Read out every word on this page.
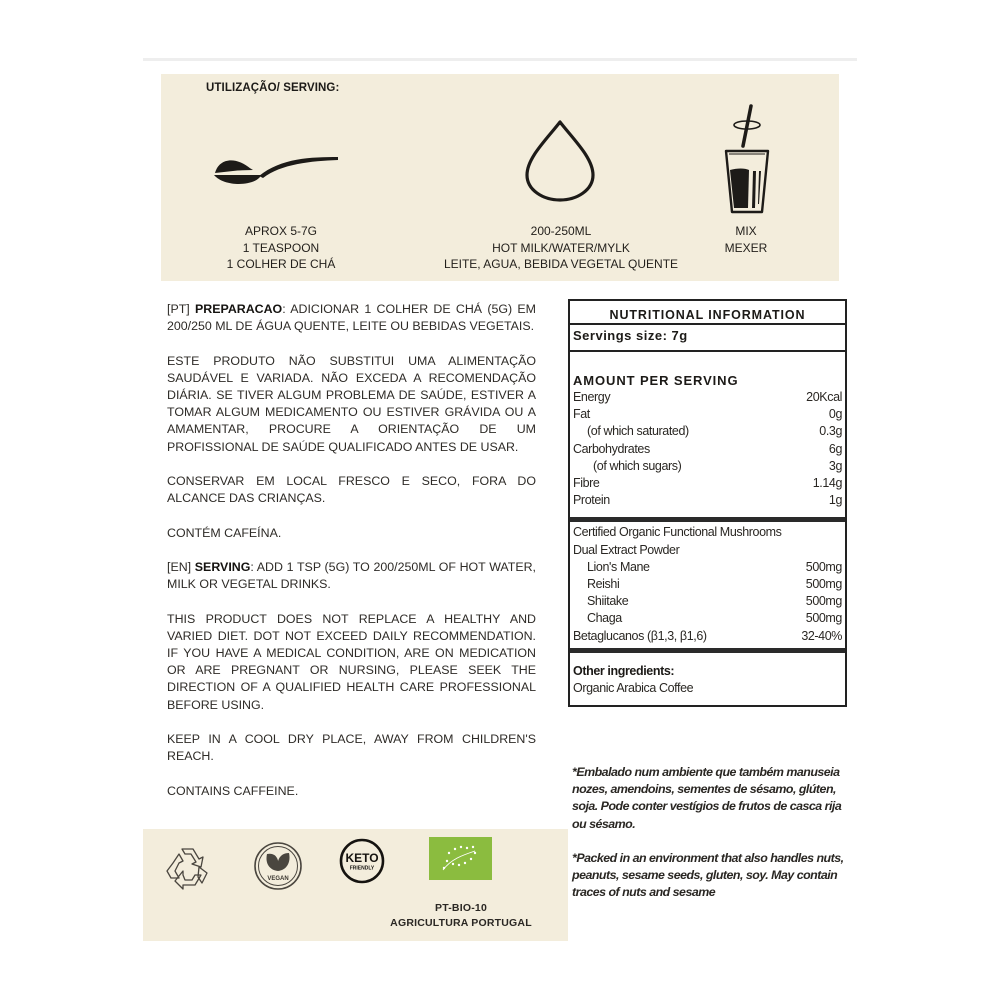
UTILIZAÇÃO/ SERVING:
APROX 5-7G
1 TEASPOON
1 COLHER DE CHÁ
200-250ML
HOT MILK/WATER/MYLK
LEITE, AGUA, BEBIDA VEGETAL QUENTE
MIX
MEXER

[PT] PREPARACAO: ADICIONAR 1 COLHER DE CHÁ (5G) EM 200/250 ML DE ÁGUA QUENTE, LEITE OU BEBIDAS VEGETAIS.

ESTE PRODUTO NÃO SUBSTITUI UMA ALIMENTAÇÃO SAUDÁVEL E VARIADA. NÃO EXCEDA A RECOMENDAÇÃO DIÁRIA. SE TIVER ALGUM PROBLEMA DE SAÚDE, ESTIVER A TOMAR ALGUM MEDICAMENTO OU ESTIVER GRÁVIDA OU A AMAMENTAR, PROCURE A ORIENTAÇÃO DE UM PROFISSIONAL DE SAÚDE QUALIFICADO ANTES DE USAR.

CONSERVAR EM LOCAL FRESCO E SECO, FORA DO ALCANCE DAS CRIANÇAS.

CONTÉM CAFEÍNA.

[EN] SERVING: ADD 1 TSP (5G) TO 200/250ML OF HOT WATER, MILK OR VEGETAL DRINKS.

THIS PRODUCT DOES NOT REPLACE A HEALTHY AND VARIED DIET. DOT NOT EXCEED DAILY RECOMMENDATION. IF YOU HAVE A MEDICAL CONDITION, ARE ON MEDICATION OR ARE PREGNANT OR NURSING, PLEASE SEEK THE DIRECTION OF A QUALIFIED HEALTH CARE PROFESSIONAL BEFORE USING.

KEEP IN A COOL DRY PLACE, AWAY FROM CHILDREN'S REACH.

CONTAINS CAFFEINE.

NUTRITIONAL INFORMATION
Servings size: 7g
AMOUNT PER SERVING
Energy	20Kcal
Fat	0g
(of which saturated)	0.3g
Carbohydrates	6g
(of which sugars)	3g
Fibre	1.14g
Protein	1g
Certified Organic Functional Mushrooms
Dual Extract Powder
Lion's Mane	500mg
Reishi	500mg
Shiitake	500mg
Chaga	500mg
Betaglucanos (β1,3, β1,6)	32-40%
Other ingredients:
Organic Arabica Coffee

*Embalado num ambiente que também manuseia nozes, amendoins, sementes de sésamo, glúten, soja. Pode conter vestígios de frutos de casca rija ou sésamo.

*Packed in an environment that also handles nuts, peanuts, sesame seeds, gluten, soy. May contain traces of nuts and sesame

VEGAN
KETO
FRIENDLY
PT-BIO-10
AGRICULTURA PORTUGAL
